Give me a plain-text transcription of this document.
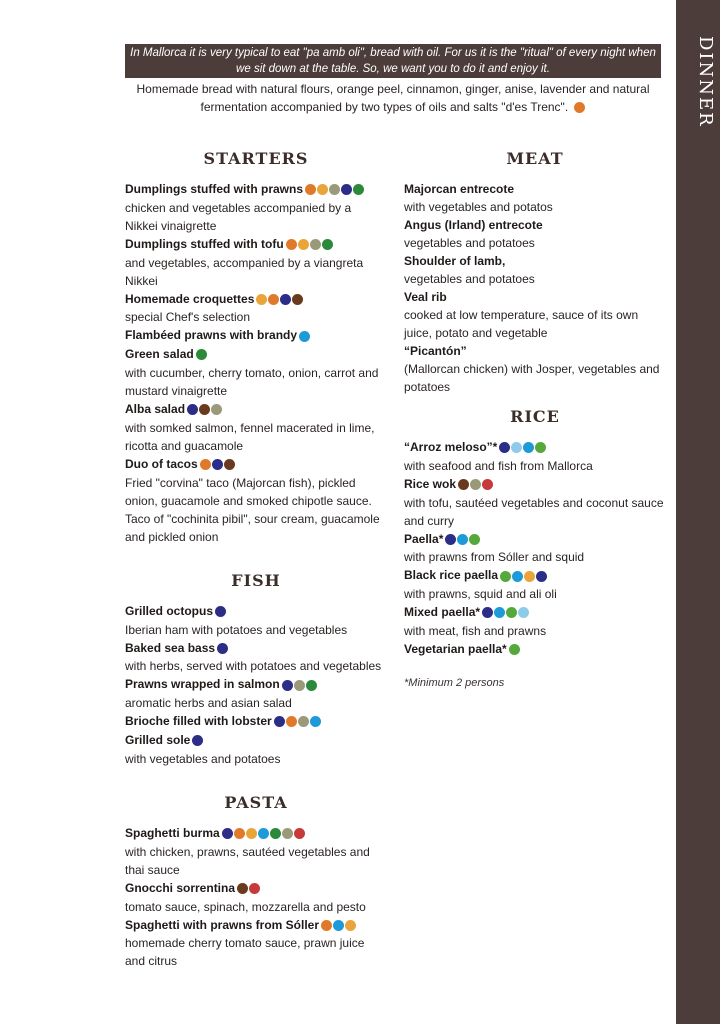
DINNER
In Mallorca it is very typical to eat "pa amb oli", bread with oil. For us it is the "ritual" of every night when we sit down at the table. So, we want you to do it and enjoy it.
Homemade bread with natural flours, orange peel, cinnamon, ginger, anise, lavender and natural fermentation accompanied by two types of oils and salts "d'es Trenc".
STARTERS
Dumplings stuffed with prawns
chicken and vegetables accompanied by a Nikkei vinaigrette
Dumplings stuffed with tofu
and vegetables, accompanied by a viangreta Nikkei
Homemade croquettes
special Chef's selection
Flambéed prawns with brandy
Green salad
with cucumber, cherry tomato, onion, carrot and mustard vinaigrette
Alba salad
with somked salmon, fennel macerated in lime, ricotta and guacamole
Duo of tacos
Fried "corvina" taco (Majorcan fish), pickled onion, guacamole and smoked chipotle sauce. Taco of "cochinita pibil", sour cream, guacamole and pickled onion
FISH
Grilled octopus
Iberian ham with potatoes and vegetables
Baked sea bass
with herbs, served with potatoes and vegetables
Prawns wrapped in salmon
aromatic herbs and asian salad
Brioche filled with lobster
Grilled sole
with vegetables and potatoes
PASTA
Spaghetti burma
with chicken, prawns, sautéed vegetables and thai sauce
Gnocchi sorrentina
tomato sauce, spinach, mozzarella and pesto
Spaghetti with prawns from Sóller
homemade cherry tomato sauce, prawn juice and citrus
MEAT
Majorcan entrecote
with vegetables and potatos
Angus (Irland) entrecote
vegetables and potatoes
Shoulder of lamb,
vegetables and potatoes
Veal rib
cooked at low temperature, sauce of its own juice, potato and vegetable
“Picantón”
(Mallorcan chicken) with Josper, vegetables and potatoes
RICE
“Arroz meloso”*
with seafood and fish from Mallorca
Rice wok
with tofu, sautéed vegetables and coconut sauce and curry
Paella*
with prawns from Sóller and squid
Black rice paella
with prawns, squid and ali oli
Mixed paella*
with meat, fish and prawns
Vegetarian paella*
*Minimum 2 persons
